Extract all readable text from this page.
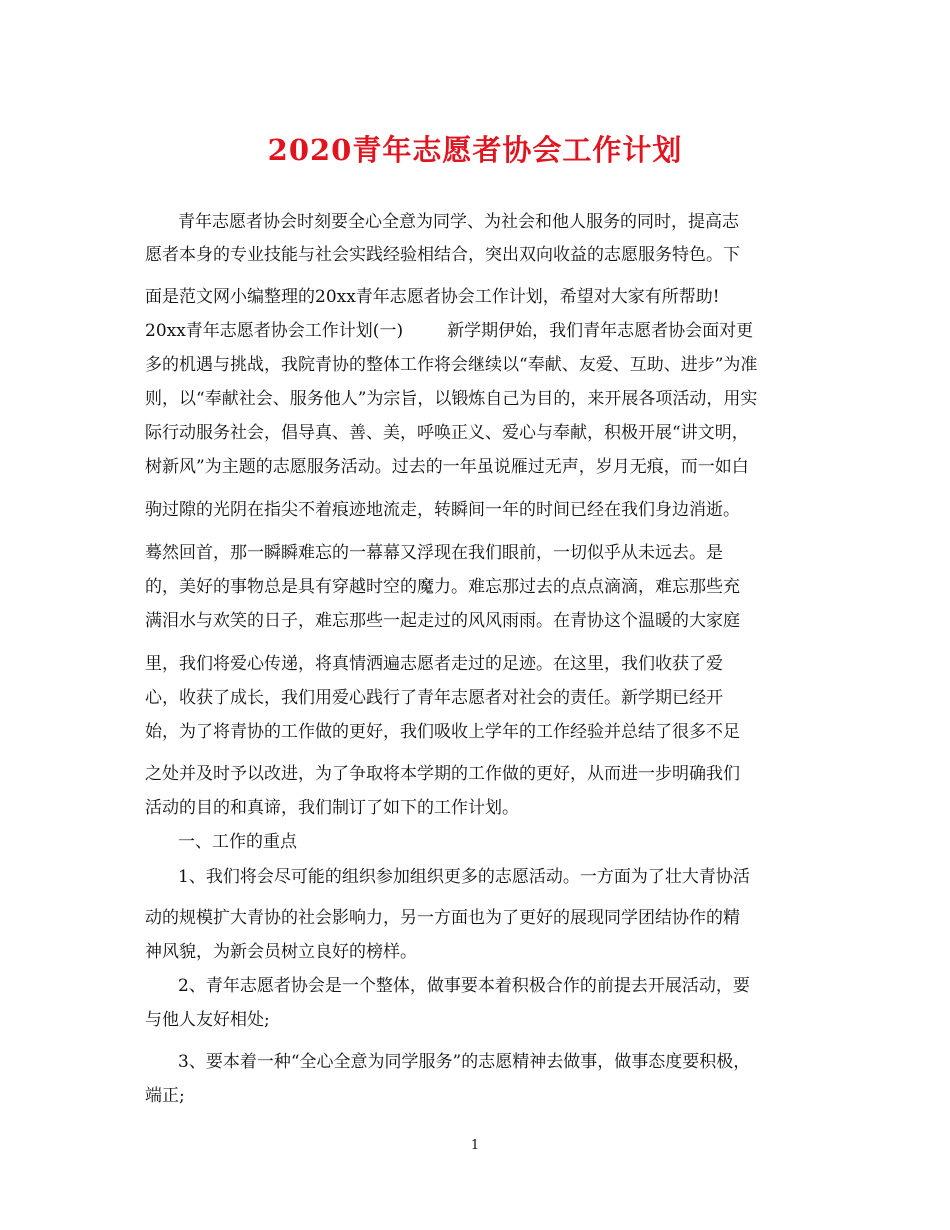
2020青年志愿者协会工作计划
青年志愿者协会时刻要全心全意为同学、为社会和他人服务的同时，提高志
愿者本身的专业技能与社会实践经验相结合，突出双向收益的志愿服务特色。下
面是范文网小编整理的20xx青年志愿者协会工作计划，希望对大家有所帮助!
20xx青年志愿者协会工作计划(一)	新学期伊始，我们青年志愿者协会面对更
多的机遇与挑战，我院青协的整体工作将会继续以“奉献、友爱、互助、进步”为准
则，以“奉献社会、服务他人”为宗旨，以锻炼自己为目的，来开展各项活动，用实
际行动服务社会，倡导真、善、美，呼唤正义、爱心与奉献，积极开展“讲文明，
树新风”为主题的志愿服务活动。过去的一年虽说雁过无声，岁月无痕，而一如白
驹过隙的光阴在指尖不着痕迹地流走，转瞬间一年的时间已经在我们身边消逝。
蓦然回首，那一瞬瞬难忘的一幕幕又浮现在我们眼前，一切似乎从未远去。是
的，美好的事物总是具有穿越时空的魔力。难忘那过去的点点滴滴，难忘那些充
满泪水与欢笑的日子，难忘那些一起走过的风风雨雨。在青协这个温暖的大家庭
里，我们将爱心传递，将真情洒遍志愿者走过的足迹。在这里，我们收获了爱
心，收获了成长，我们用爱心践行了青年志愿者对社会的责任。新学期已经开
始，为了将青协的工作做的更好，我们吸收上学年的工作经验并总结了很多不足
之处并及时予以改进，为了争取将本学期的工作做的更好，从而进一步明确我们
活动的目的和真谛，我们制订了如下的工作计划。
一、工作的重点
1、我们将会尽可能的组织参加组织更多的志愿活动。一方面为了壮大青协活
动的规模扩大青协的社会影响力，另一方面也为了更好的展现同学团结协作的精
神风貌，为新会员树立良好的榜样。
2、青年志愿者协会是一个整体，做事要本着积极合作的前提去开展活动，要
与他人友好相处;
3、要本着一种“全心全意为同学服务”的志愿精神去做事，做事态度要积极，
端正;
1
